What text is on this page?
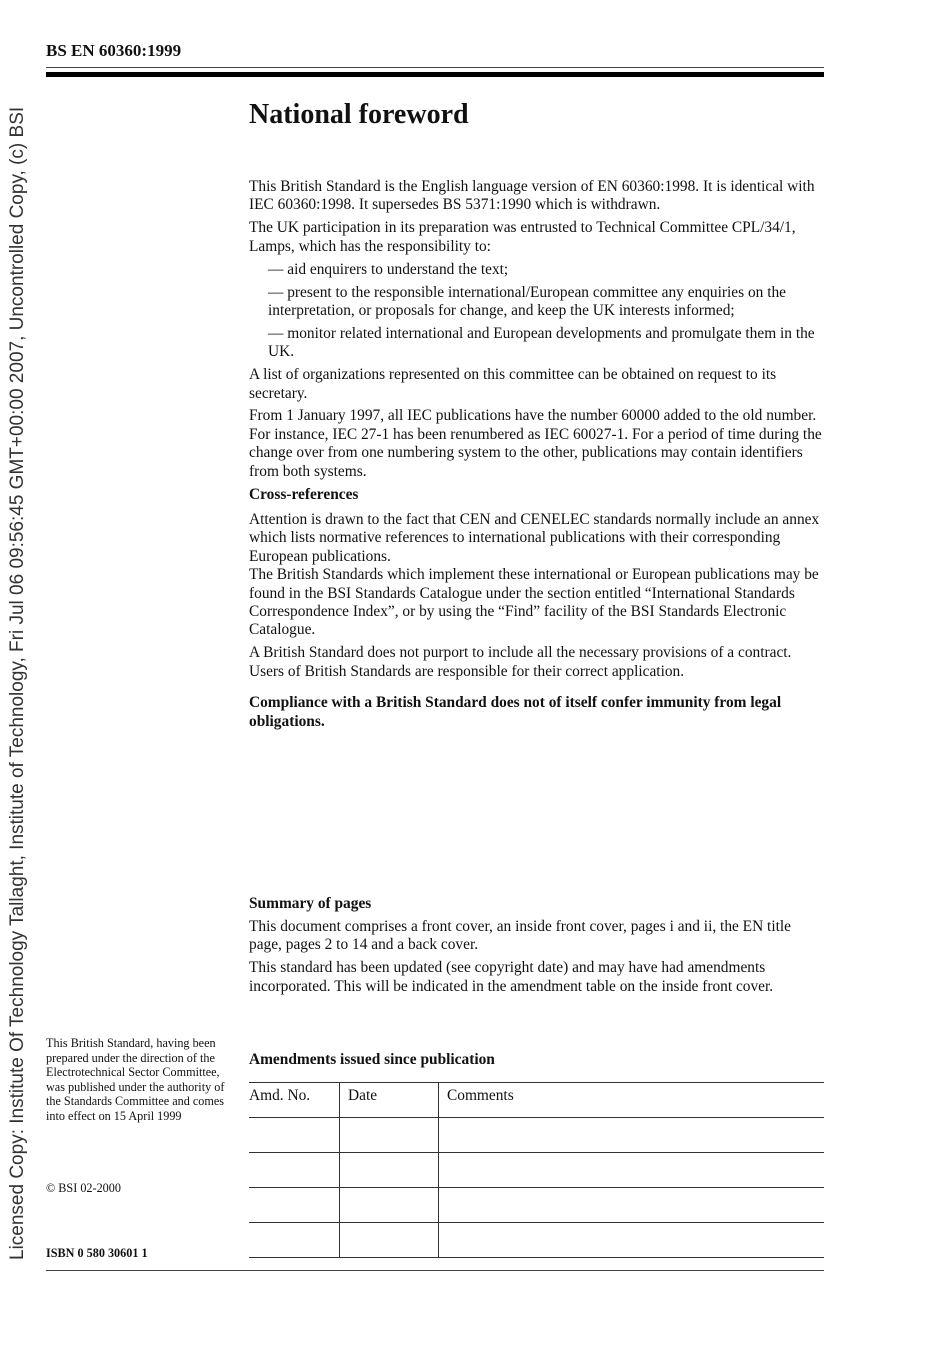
BS EN 60360:1999
Licensed Copy: Institute Of Technology Tallaght, Institute of Technology, Fri Jul 06 09:56:45 GMT+00:00 2007, Uncontrolled Copy, (c) BSI	National foreword

This British Standard is the English language version of EN 60360:1998. It is identical with IEC 60360:1998. It supersedes BS 5371:1990 which is withdrawn.

The UK participation in its preparation was entrusted to Technical Committee CPL/34/1, Lamps, which has the responsibility to:

— aid enquirers to understand the text;

— present to the responsible international/European committee any enquiries on the interpretation, or proposals for change, and keep the UK interests informed;

— monitor related international and European developments and promulgate them in the UK.

A list of organizations represented on this committee can be obtained on request to its secretary.

From 1 January 1997, all IEC publications have the number 60000 added to the old number. For instance, IEC 27-1 has been renumbered as IEC 60027-1. For a period of time during the change over from one numbering system to the other, publications may contain identifiers from both systems.

Cross-references

Attention is drawn to the fact that CEN and CENELEC standards normally include an annex which lists normative references to international publications with their corresponding European publications.

The British Standards which implement these international or European publications may be found in the BSI Standards Catalogue under the section entitled “International Standards Correspondence Index”, or by using the “Find” facility of the BSI Standards Electronic Catalogue.

A British Standard does not purport to include all the necessary provisions of a contract. Users of British Standards are responsible for their correct application.

Compliance with a British Standard does not of itself confer immunity from legal obligations.

Summary of pages

This document comprises a front cover, an inside front cover, pages i and ii, the EN title page, pages 2 to 14 and a back cover.

This standard has been updated (see copyright date) and may have had amendments incorporated. This will be indicated in the amendment table on the inside front cover.

Amendments issued since publication
Amd. No.	Date	Comments

This British Standard, having been prepared under the direction of the Electrotechnical Sector Committee, was published under the authority of the Standards Committee and comes into effect on 15 April 1999
© BSI 02-2000
ISBN 0 580 30601 1
